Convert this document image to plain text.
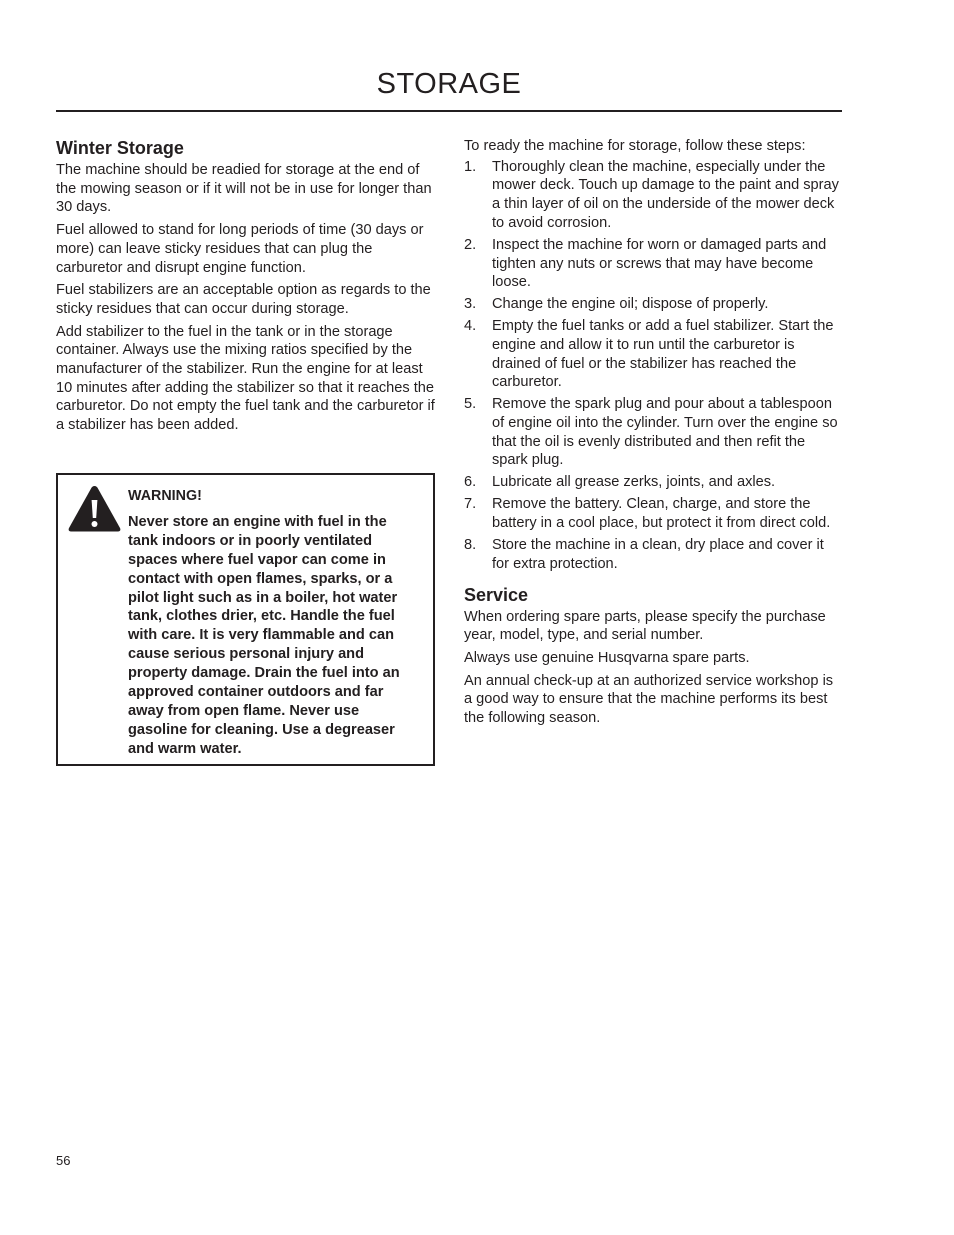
STORAGE
Winter Storage

The machine should be readied for storage at the end of the mowing season or if it will not be in use for longer than 30 days.

Fuel allowed to stand for long periods of time (30 days or more) can leave sticky residues that can plug the carburetor and disrupt engine function.

Fuel stabilizers are an acceptable option as regards to the sticky residues that can occur during storage.

Add stabilizer to the fuel in the tank or in the storage container. Always use the mixing ratios specified by the manufacturer of the stabilizer. Run the engine for at least 10 minutes after adding the stabilizer so that it reaches the carburetor. Do not empty the fuel tank and the carburetor if a stabilizer has been added.

WARNING!

Never store an engine with fuel in the tank indoors or in poorly ventilated spaces where fuel vapor can come in contact with open flames, sparks, or a pilot light such as in a boiler, hot water tank, clothes drier, etc. Handle the fuel with care. It is very flammable and can cause serious personal injury and property damage. Drain the fuel into an approved container outdoors and far away from open flame. Never use gasoline for cleaning. Use a degreaser and warm water.

To ready the machine for storage, follow these steps:

1. Thoroughly clean the machine, especially under the mower deck. Touch up damage to the paint and spray a thin layer of oil on the underside of the mower deck to avoid corrosion.
2. Inspect the machine for worn or damaged parts and tighten any nuts or screws that may have become loose.
3. Change the engine oil; dispose of properly.
4. Empty the fuel tanks or add a fuel stabilizer. Start the engine and allow it to run until the carburetor is drained of fuel or the stabilizer has reached the carburetor.
5. Remove the spark plug and pour about a tablespoon of engine oil into the cylinder. Turn over the engine so that the oil is evenly distributed and then refit the spark plug.
6. Lubricate all grease zerks, joints, and axles.
7. Remove the battery. Clean, charge, and store the battery in a cool place, but protect it from direct cold.
8. Store the machine in a clean, dry place and cover it for extra protection.
Service

When ordering spare parts, please specify the purchase year, model, type, and serial number.

Always use genuine Husqvarna spare parts.

An annual check-up at an authorized service workshop is a good way to ensure that the machine performs its best the following season.

56
